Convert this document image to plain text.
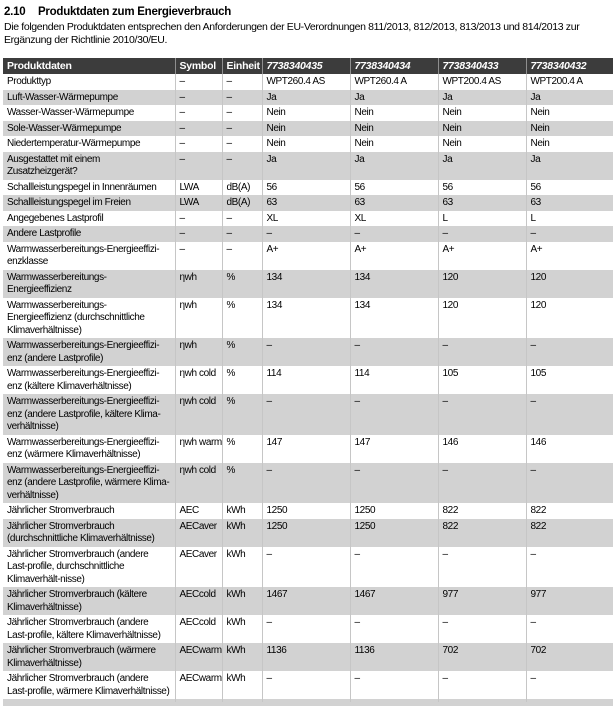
2.10	Produktdaten zum Energieverbrauch

Die folgenden Produktdaten entsprechen den Anforderungen der EU-Verordnungen 811/2013, 812/2013, 813/2013 und 814/2013 zur Ergänzung der Richtlinie 2010/30/EU.

Produktdaten	Symbol	Einheit	7738340435	7738340434	7738340433	7738340432
Produkttyp	–	–	WPT260.4 AS	WPT260.4 A	WPT200.4 AS	WPT200.4 A
Luft-Wasser-Wärmepumpe	–	–	Ja	Ja	Ja	Ja
Wasser-Wasser-Wärmepumpe	–	–	Nein	Nein	Nein	Nein
Sole-Wasser-Wärmepumpe	–	–	Nein	Nein	Nein	Nein
Niedertemperatur-Wärmepumpe	–	–	Nein	Nein	Nein	Nein
Ausgestattet mit einem Zusatzheizgerät?	–	–	Ja	Ja	Ja	Ja
Schallleistungspegel in Innenräumen	LWA	dB(A)	56	56	56	56
Schallleistungspegel im Freien	LWA	dB(A)	63	63	63	63
Angegebenes Lastprofil	–	–	XL	XL	L	L
Andere Lastprofile	–	–	–	–	–	–
Warmwasserbereitungs-Energieeffizi-enzklasse	–	–	A+	A+	A+	A+
Warmwasserbereitungs-Energieeffizienz	ηwh	%	134	134	120	120
Warmwasserbereitungs-Energieeffizienz (durchschnittliche Klimaverhältnisse)	ηwh	%	134	134	120	120
Warmwasserbereitungs-Energieeffizi-enz (andere Lastprofile)	ηwh	%	–	–	–	–
Warmwasserbereitungs-Energieeffizi-enz (kältere Klimaverhältnisse)	ηwh cold	%	114	114	105	105
Warmwasserbereitungs-Energieeffizi-enz (andere Lastprofile, kältere Klima-verhältnisse)	ηwh cold	%	–	–	–	–
Warmwasserbereitungs-Energieeffizi-enz (wärmere Klimaverhältnisse)	ηwh warm	%	147	147	146	146
Warmwasserbereitungs-Energieeffizi-enz (andere Lastprofile, wärmere Klima-verhältnisse)	ηwh cold	%	–	–	–	–
Jährlicher Stromverbrauch	AEC	kWh	1250	1250	822	822
Jährlicher Stromverbrauch (durchschnittliche Klimaverhältnisse)	AECaver	kWh	1250	1250	822	822
Jährlicher Stromverbrauch (andere Last-profile, durchschnittliche Klimaverhält-nisse)	AECaver	kWh	–	–	–	–
Jährlicher Stromverbrauch (kältere Klimaverhältnisse)	AECcold	kWh	1467	1467	977	977
Jährlicher Stromverbrauch (andere Last-profile, kältere Klimaverhältnisse)	AECcold	kWh	–	–	–	–
Jährlicher Stromverbrauch (wärmere Klimaverhältnisse)	AECwarm	kWh	1136	1136	702	702
Jährlicher Stromverbrauch (andere Last-profile, wärmere Klimaverhältnisse)	AECwarm	kWh	–	–	–	–
